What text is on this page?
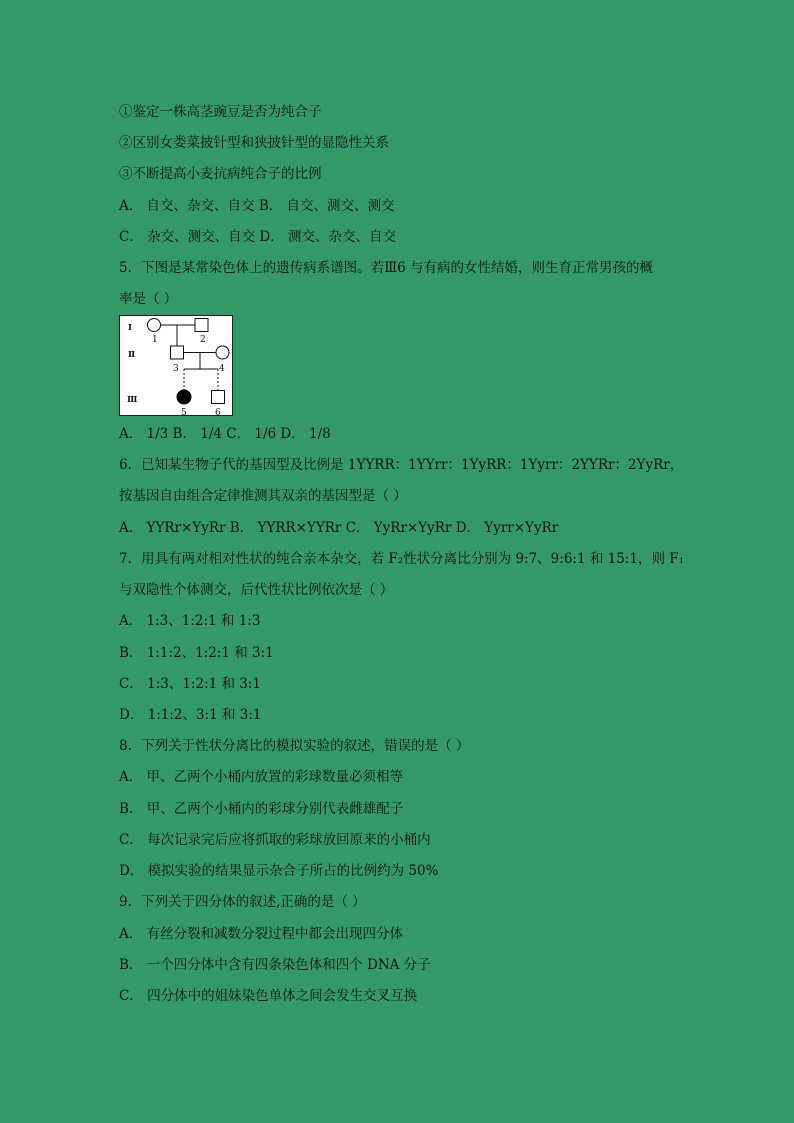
①鉴定一株高茎豌豆是否为纯合子
②区别女娄菜披针型和狭披针型的显隐性关系
③不断提高小麦抗病纯合子的比例
A． 自交、杂交、自交 B． 自交、测交、测交
C． 杂交、测交、自交 D． 测交、杂交、自交
5．下图是某常染色体上的遗传病系谱图。若Ⅲ6 与有病的女性结婚，则生育正常男孩的概
率是（ ）
Ⅰ
Ⅱ
Ⅲ
1	2
3	4
5	6
A． 1/3 B． 1/4 C． 1/6 D． 1/8
6．已知某生物子代的基因型及比例是 1YYRR：1YYrr：1YyRR：1Yyrr：2YYRr：2YyRr，
按基因自由组合定律推测其双亲的基因型是（ ）
A． YYRr×YyRr B． YYRR×YYRr C． YyRr×YyRr D． Yyrr×YyRr
7．用具有两对相对性状的纯合亲本杂交，若 F₂性状分离比分别为 9:7、9:6:1 和 15:1，则 F₁
与双隐性个体测交，后代性状比例依次是（ ）
A． 1:3、1:2:1 和 1:3
B． 1:1:2、1:2:1 和 3:1
C． 1:3、1:2:1 和 3:1
D． 1:1:2、3:1 和 3:1
8．下列关于性状分离比的模拟实验的叙述，错误的是（ ）
A． 甲、乙两个小桶内放置的彩球数量必须相等
B． 甲、乙两个小桶内的彩球分别代表雌雄配子
C． 每次记录完后应将抓取的彩球放回原来的小桶内
D． 模拟实验的结果显示杂合子所占的比例约为 50%
9．下列关于四分体的叙述,正确的是（ ）
A． 有丝分裂和减数分裂过程中都会出现四分体
B． 一个四分体中含有四条染色体和四个 DNA 分子
C． 四分体中的姐妹染色单体之间会发生交叉互换
